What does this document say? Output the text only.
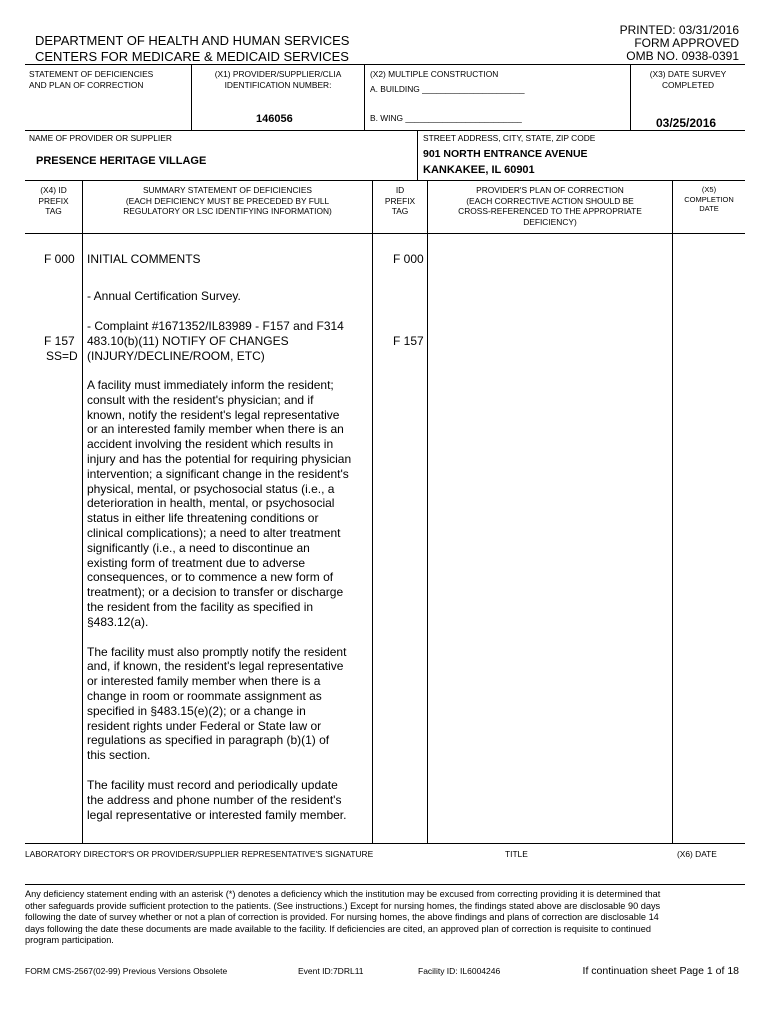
PRINTED: 03/31/2016
FORM APPROVED
OMB NO. 0938-0391
DEPARTMENT OF HEALTH AND HUMAN SERVICES
CENTERS FOR MEDICARE & MEDICAID SERVICES
STATEMENT OF DEFICIENCIES
AND PLAN OF CORRECTION
(X1) PROVIDER/SUPPLIER/CLIA
IDENTIFICATION NUMBER:
146056
(X2) MULTIPLE CONSTRUCTION
A. BUILDING ______________________
B. WING _________________________
(X3) DATE SURVEY
COMPLETED
03/25/2016
NAME OF PROVIDER OR SUPPLIER
PRESENCE HERITAGE VILLAGE
STREET ADDRESS, CITY, STATE, ZIP CODE
901 NORTH ENTRANCE AVENUE
KANKAKEE, IL 60901
(X4) ID
PREFIX
TAG
SUMMARY STATEMENT OF DEFICIENCIES
(EACH DEFICIENCY MUST BE PRECEDED BY FULL
REGULATORY OR LSC IDENTIFYING INFORMATION)
ID
PREFIX
TAG
PROVIDER'S PLAN OF CORRECTION
(EACH CORRECTIVE ACTION SHOULD BE
CROSS-REFERENCED TO THE APPROPRIATE
DEFICIENCY)
(X5)
COMPLETION
DATE
F 000 INITIAL COMMENTS	F 000
- Annual Certification Survey.
- Complaint #1671352/IL83989 - F157 and F314
F 157
SS=D
483.10(b)(11) NOTIFY OF CHANGES
(INJURY/DECLINE/ROOM, ETC)
F 157
A facility must immediately inform the resident;
consult with the resident's physician; and if
known, notify the resident's legal representative
or an interested family member when there is an
accident involving the resident which results in
injury and has the potential for requiring physician
intervention; a significant change in the resident's
physical, mental, or psychosocial status (i.e., a
deterioration in health, mental, or psychosocial
status in either life threatening conditions or
clinical complications); a need to alter treatment
significantly (i.e., a need to discontinue an
existing form of treatment due to adverse
consequences, or to commence a new form of
treatment); or a decision to transfer or discharge
the resident from the facility as specified in
§483.12(a).
The facility must also promptly notify the resident
and, if known, the resident's legal representative
or interested family member when there is a
change in room or roommate assignment as
specified in §483.15(e)(2); or a change in
resident rights under Federal or State law or
regulations as specified in paragraph (b)(1) of
this section.
The facility must record and periodically update
the address and phone number of the resident's
legal representative or interested family member.
LABORATORY DIRECTOR'S OR PROVIDER/SUPPLIER REPRESENTATIVE'S SIGNATURE	TITLE	(X6) DATE
Any deficiency statement ending with an asterisk (*) denotes a deficiency which the institution may be excused from correcting providing it is determined that
other safeguards provide sufficient protection to the patients. (See instructions.) Except for nursing homes, the findings stated above are disclosable 90 days
following the date of survey whether or not a plan of correction is provided. For nursing homes, the above findings and plans of correction are disclosable 14
days following the date these documents are made available to the facility. If deficiencies are cited, an approved plan of correction is requisite to continued
program participation.
FORM CMS-2567(02-99) Previous Versions Obsolete	Event ID:7DRL11	Facility ID: IL6004246	If continuation sheet Page 1 of 18
